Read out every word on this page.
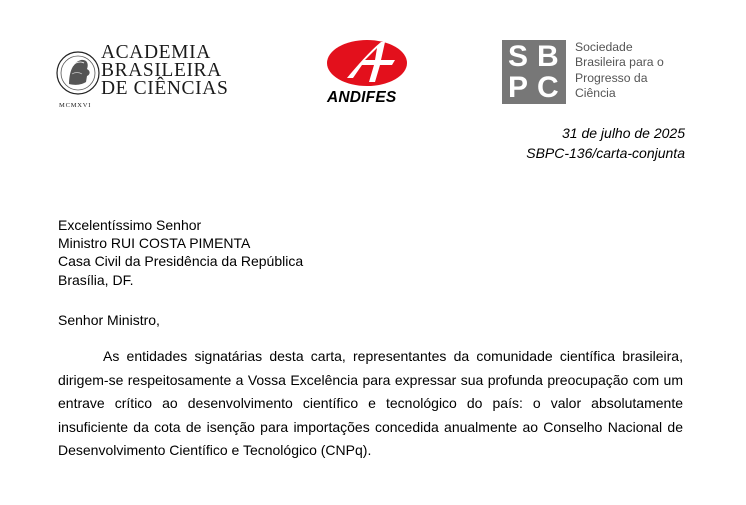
ACADEMIA
BRASILEIRA
DE CIÊNCIAS
MCMXVI	ANDIFES
S B
P C
Sociedade
Brasileira para o
Progresso da
Ciência
31 de julho de 2025
SBPC-136/carta-conjunta
Excelentíssimo Senhor
Ministro RUI COSTA PIMENTA
Casa Civil da Presidência da República
Brasília, DF.
Senhor Ministro,

As entidades signatárias desta carta, representantes da comunidade científica brasileira, dirigem-se respeitosamente a Vossa Excelência para expressar sua profunda preocupação com um entrave crítico ao desenvolvimento científico e tecnológico do país: o valor absolutamente insuficiente da cota de isenção para importações concedida anualmente ao Conselho Nacional de Desenvolvimento Científico e Tecnológico (CNPq).
